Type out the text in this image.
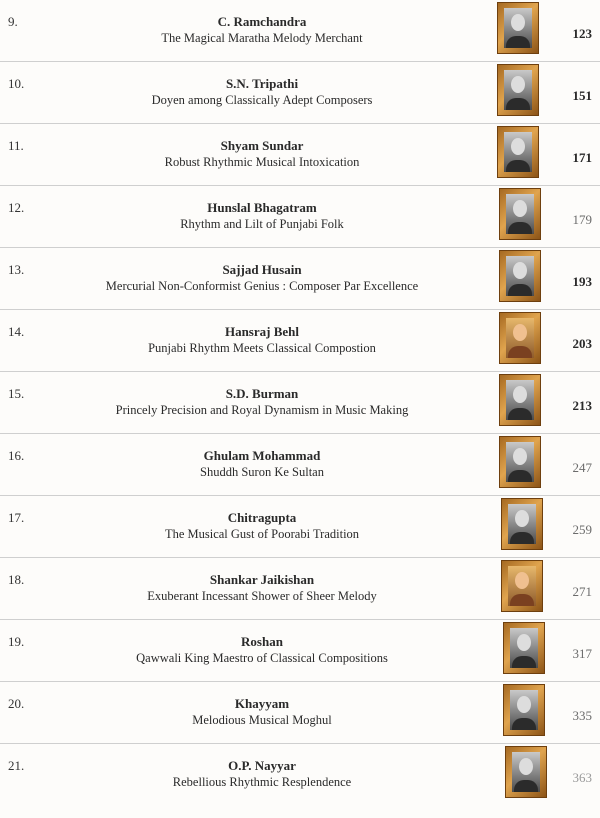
9.	C. Ramchandra
The Magical Maratha Melody Merchant	123
10.	S.N. Tripathi
Doyen among Classically Adept Composers	151
11.	Shyam Sundar
Robust Rhythmic Musical Intoxication	171
12.	Hunslal Bhagatram
Rhythm and Lilt of Punjabi Folk	179
13.	Sajjad Husain
Mercurial Non-Conformist Genius : Composer Par Excellence	193
14.	Hansraj Behl
Punjabi Rhythm Meets Classical Compostion	203
15.	S.D. Burman
Princely Precision and Royal Dynamism in Music Making	213
16.	Ghulam Mohammad
Shuddh Suron Ke Sultan	247
17.	Chitragupta
The Musical Gust of Poorabi Tradition	259
18.	Shankar Jaikishan
Exuberant Incessant Shower of Sheer Melody	271
19.	Roshan
Qawwali King Maestro of Classical Compositions	317
20.	Khayyam
Melodious Musical Moghul	335
21.	O.P. Nayyar
Rebellious Rhythmic Resplendence	363
